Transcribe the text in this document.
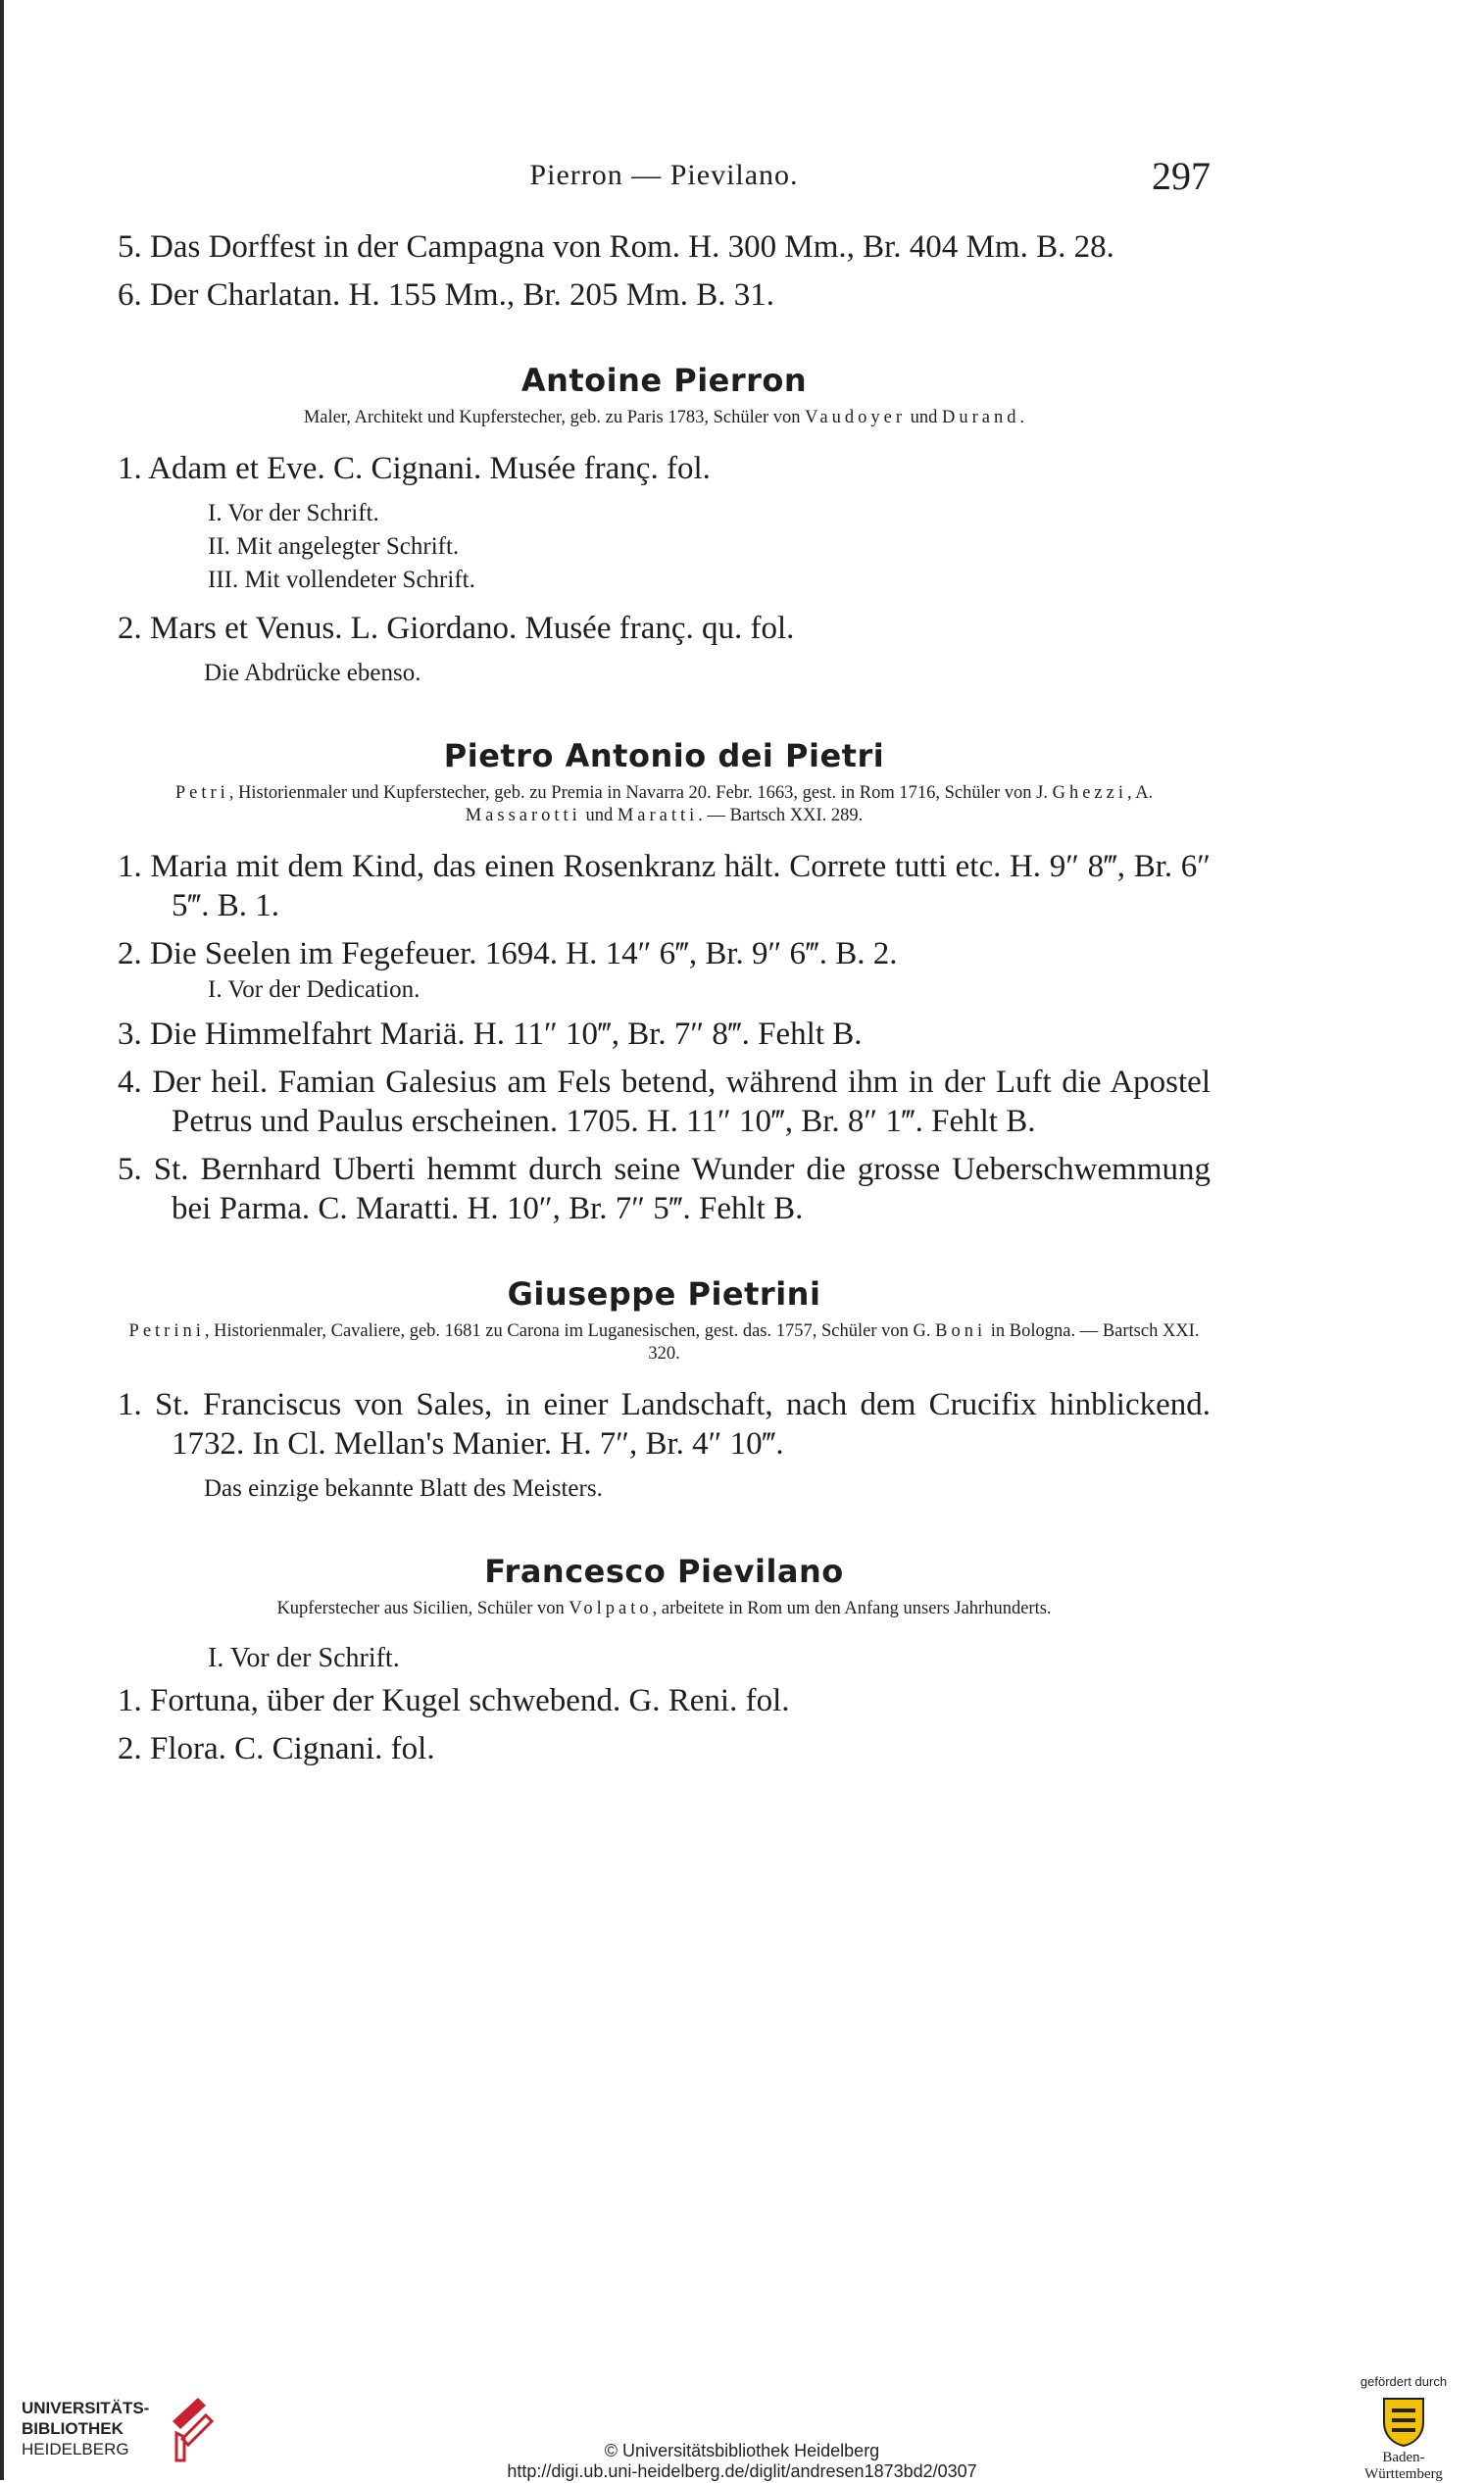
Pierron — Pievilano.	297

5. Das Dorffest in der Campagna von Rom. H. 300 Mm., Br. 404 Mm. B. 28.

6. Der Charlatan. H. 155 Mm., Br. 205 Mm. B. 31.

Antoine Pierron

Maler, Architekt und Kupferstecher, geb. zu Paris 1783, Schüler von Vaudoyer und Durand.

1. Adam et Eve. C. Cignani. Musée franç. fol.

I. Vor der Schrift.

II. Mit angelegter Schrift.

III. Mit vollendeter Schrift.

2. Mars et Venus. L. Giordano. Musée franç. qu. fol.

Die Abdrücke ebenso.

Pietro Antonio dei Pietri

Petri, Historienmaler und Kupferstecher, geb. zu Premia in Navarra 20. Febr. 1663, gest. in Rom 1716, Schüler von J. Ghezzi, A. Massarotti und Maratti. — Bartsch XXI. 289.

1. Maria mit dem Kind, das einen Rosenkranz hält. Correte tutti etc. H. 9″ 8‴, Br. 6″ 5‴. B. 1.

2. Die Seelen im Fegefeuer. 1694. H. 14″ 6‴, Br. 9″ 6‴. B. 2.

I. Vor der Dedication.

3. Die Himmelfahrt Mariä. H. 11″ 10‴, Br. 7″ 8‴. Fehlt B.

4. Der heil. Famian Galesius am Fels betend, während ihm in der Luft die Apostel Petrus und Paulus erscheinen. 1705. H. 11″ 10‴, Br. 8″ 1‴. Fehlt B.

5. St. Bernhard Uberti hemmt durch seine Wunder die grosse Ueberschwemmung bei Parma. C. Maratti. H. 10″, Br. 7″ 5‴. Fehlt B.

Giuseppe Pietrini

Petrini, Historienmaler, Cavaliere, geb. 1681 zu Carona im Luganesischen, gest. das. 1757, Schüler von G. Boni in Bologna. — Bartsch XXI. 320.

1. St. Franciscus von Sales, in einer Landschaft, nach dem Crucifix hinblickend. 1732. In Cl. Mellan's Manier. H. 7″, Br. 4″ 10‴.

Das einzige bekannte Blatt des Meisters.

Francesco Pievilano

Kupferstecher aus Sicilien, Schüler von Volpato, arbeitete in Rom um den Anfang unsers Jahrhunderts.

I. Vor der Schrift.

1. Fortuna, über der Kugel schwebend. G. Reni. fol.

2. Flora. C. Cignani. fol.

UNIVERSITÄTS-
BIBLIOTHEK
HEIDELBERG	© Universitätsbibliothek Heidelberg
http://digi.ub.uni-heidelberg.de/diglit/andresen1873bd2/0307
gefördert durch
Baden-Württemberg
